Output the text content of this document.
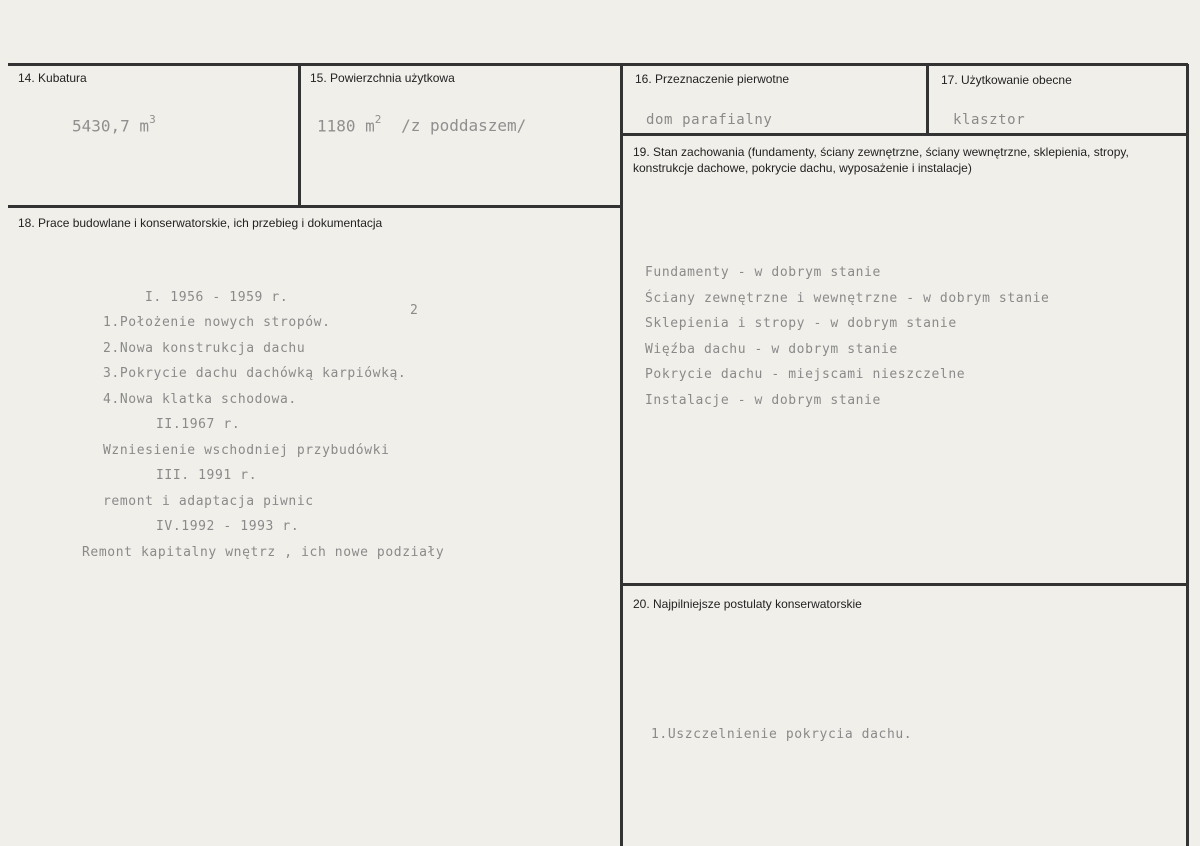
14. Kubatura
5430,7 $m^3$
15. Powierzchnia użytkowa
1180 $m^2$ /z poddaszem/
16. Przeznaczenie pierwotne
dom parafialny
17. Użytkowanie obecne
klasztor
19. Stan zachowania (fundamenty, ściany zewnętrzne, ściany wewnętrzne, sklepienia, stropy, konstrukcje dachowe, pokrycie dachu, wyposażenie i instalacje)
Fundamenty - w dobrym stanie
Ściany zewnętrzne i wewnętrzne - w dobrym stanie
Sklepienia i stropy - w dobrym stanie
Więźba dachu - w dobrym stanie
Pokrycie dachu - miejscami nieszczelne
Instalacje - w dobrym stanie
18. Prace budowlane i konserwatorskie, ich przebieg i dokumentacja
I. 1956 - 1959 r.
2
1.Położenie nowych stropów.
2.Nowa konstrukcja dachu
3.Pokrycie dachu dachówką karpiówką.
4.Nowa klatka schodowa.
II.1967 r.
Wzniesienie wschodniej przybudówki
III. 1991 r.
remont i adaptacja piwnic
IV.1992 - 1993 r.
Remont kapitalny wnętrz , ich nowe podziały
20. Najpilniejsze postulaty konserwatorskie
1.Uszczelnienie pokrycia dachu.
